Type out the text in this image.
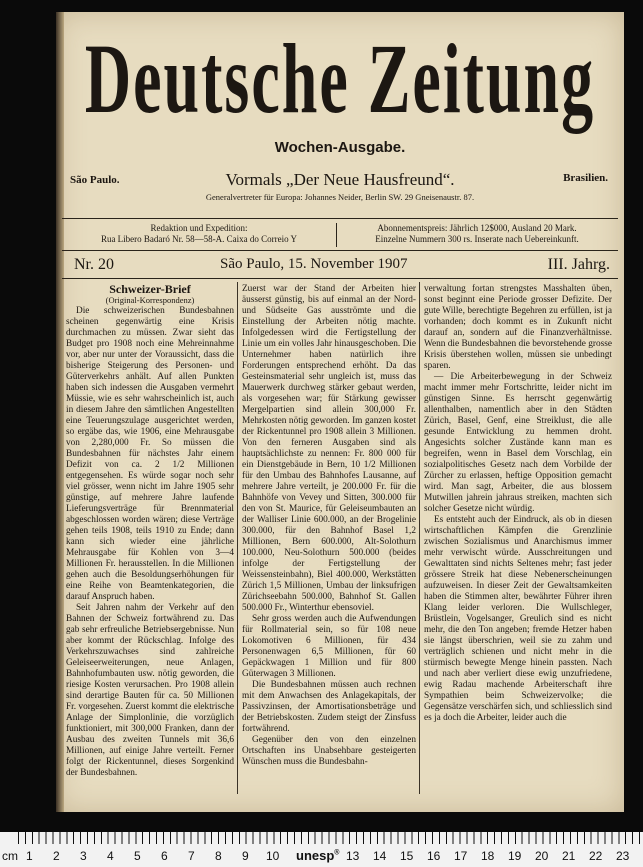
Deutsche Zeitung
Wochen-Ausgabe.
São Paulo.	Vormals „Der Neue Hausfreund“.	Brasilien.
Generalvertreter für Europa: Johannes Neider, Berlin SW. 29 Gneisenaustr. 87.
Redaktion und Expedition:
Rua Libero Badaró Nr. 58—58-A. Caixa do Correio Y
Abonnementspreis: Jährlich 12$000, Ausland 20 Mark.
Einzelne Nummern 300 rs. Inserate nach Uebereinkunft.
Nr. 20	São Paulo, 15. November 1907	III. Jahrg.

Schweizer-Brief

(Original-Korrespondenz)

Die schweizerischen Bundesbahnen scheinen gegenwärtig eine Krisis durchmachen zu müssen. Zwar sieht das Budget pro 1908 noch eine Mehreinnahme vor, aber nur unter der Voraussicht, dass die bisherige Steigerung des Personen- und Güterverkehrs anhält. Auf allen Punkten haben sich indessen die Ausgaben vermehrt Müssie, wie es sehr wahrscheinlich ist, auch in diesem Jahre den sämtlichen Angestellten eine Teuerungszulage ausgerichtet werden, so ergäbe das, wie 1906, eine Mehrausgabe von 2,280,000 Fr. So müssen die Bundesbahnen für nächstes Jahr einem Defizit von ca. 2 1/2 Millionen entgegensehen. Es würde sogar noch sehr viel grösser, wenn nicht im Jahre 1905 sehr günstige, auf mehrere Jahre laufende Lieferungsverträge für Brennmaterial abgeschlossen worden wären; diese Verträge gehen teils 1908, teils 1910 zu Ende; dann kann sich wieder eine jährliche Mehrausgabe für Kohlen von 3—4 Millionen Fr. herausstellen. In die Millionen gehen auch die Besoldungserhöhungen für eine Reihe von Beamtenkategorien, die darauf Anspruch haben.

Seit Jahren nahm der Verkehr auf den Bahnen der Schweiz fortwährend zu. Das gab sehr erfreuliche Betriebsergebnisse. Nun aber kommt der Rückschlag. Infolge des Verkehrszuwachses sind zahlreiche Geleiseerweiterungen, neue Anlagen, Bahnhofumbauten usw. nötig geworden, die riesige Kosten verursachen. Pro 1908 allein sind derartige Bauten für ca. 50 Millionen Fr. vorgesehen. Zuerst kommt die elektrische Anlage der Simplonlinie, die vorzüglich funktioniert, mit 300,000 Franken, dann der Ausbau des zweiten Tunnels mit 36,6 Millionen, auf einige Jahre verteilt. Ferner folgt der Rickentunnel, dieses Sorgenkind der Bundesbahnen.

Zuerst war der Stand der Arbeiten hier äusserst günstig, bis auf einmal an der Nord- und Südseite Gas ausströmte und die Einstellung der Arbeiten nötig machte. Infolgedessen wird die Fertigstellung der Linie um ein volles Jahr hinausgeschoben. Die Unternehmer haben natürlich ihre Forderungen entsprechend erhöht. Da das Gesteinsmaterial sehr ungleich ist, muss das Mauerwerk durchweg stärker gebaut werden, als vorgesehen war; für Stärkung gewisser Mergelpartien sind allein 300,000 Fr. Mehrkosten nötig geworden. Im ganzen kostet der Rickentunnel pro 1908 allein 3 Millionen. Von den ferneren Ausgaben sind als hauptsächlichste zu nennen: Fr. 800 000 für ein Dienstgebäude in Bern, 10 1/2 Millionen für den Umbau des Bahnhofes Lausanne, auf mehrere Jahre verteilt, je 200.000 Fr. für die Bahnhöfe von Vevey und Sitten, 300.000 für den von St. Maurice, für Geleiseumbauten an der Walliser Linie 600.000, an der Brogelinie 300.000, für den Bahnhof Basel 1,2 Millionen, Bern 600.000, Alt-Solothurn 100.000, Neu-Solothurn 500.000 (beides infolge der Fertigstellung der Weissensteinbahn), Biel 400.000, Werkstätten Zürich 1,5 Millionen, Umbau der linksufrigen Zürichseebahn 500.000, Bahnhof St. Gallen 500.000 Fr., Winterthur ebensoviel.

Sehr gross werden auch die Aufwendungen für Rollmaterial sein, so für 108 neue Lokomotiven 6 Millionen, für 434 Personenwagen 6,5 Millionen, für 60 Gepäckwagen 1 Million und für 800 Güterwagen 3 Millionen.

Die Bundesbahnen müssen auch rechnen mit dem Anwachsen des Anlagekapitals, der Passivzinsen, der Amortisationsbeträge und der Betriebskosten. Zudem steigt der Zinsfuss fortwährend.

Gegenüber den von den einzelnen Ortschaften ins Unabsehbare gesteigerten Wünschen muss die Bundesbahn-

verwaltung fortan strengstes Masshalten üben, sonst beginnt eine Periode grosser Defizite. Der gute Wille, berechtigte Begehren zu erfüllen, ist ja vorhanden; doch kommt es in Zukunft nicht darauf an, sondern auf die Finanzverhältnisse. Wenn die Bundesbahnen die bevorstehende grosse Krisis überstehen wollen, müssen sie unbedingt sparen.

— Die Arbeiterbewegung in der Schweiz macht immer mehr Fortschritte, leider nicht im günstigen Sinne. Es herrscht gegenwärtig allenthalben, namentlich aber in den Städten Zürich, Basel, Genf, eine Streiklust, die alle gesunde Entwicklung zu hemmen droht. Angesichts solcher Zustände kann man es begreifen, wenn in Basel dem Vorschlag, ein sozialpolitisches Gesetz nach dem Vorbilde der Zürcher zu erlassen, heftige Opposition gemacht wird. Man sagt, Arbeiter, die aus blossem Mutwillen jahrein jahraus streiken, machten sich solcher Gesetze nicht würdig.

Es entsteht auch der Eindruck, als ob in diesen wirtschaftlichen Kämpfen die Grenzlinie zwischen Sozialismus und Anarchismus immer mehr verwischt würde. Ausschreitungen und Gewalttaten sind nichts Seltenes mehr; fast jeder grössere Streik hat diese Nebenerscheinungen aufzuweisen. In dieser Zeit der Gewaltsamkeiten haben die Stimmen alter, bewährter Führer ihren Klang leider verloren. Die Wullschleger, Brüstlein, Vogelsanger, Greulich sind es nicht mehr, die den Ton angeben; fremde Hetzer haben sie längst überschrien, weil sie zu zahm und verträglich schienen und nicht mehr in die stürmisch bewegte Menge hinein passten. Nach und nach aber verliert diese ewig unzufriedene, ewig Radau machende Arbeiterschaft ihre Sympathien beim Schweizervolke; die Gegensätze verschärfen sich, und schliesslich sind es ja doch die Arbeiter, leider auch die

cm 1 2 3 4 5 6 7 8 9 10 unesp® 13 14 15 16 17 18 19 20 21 22 23
